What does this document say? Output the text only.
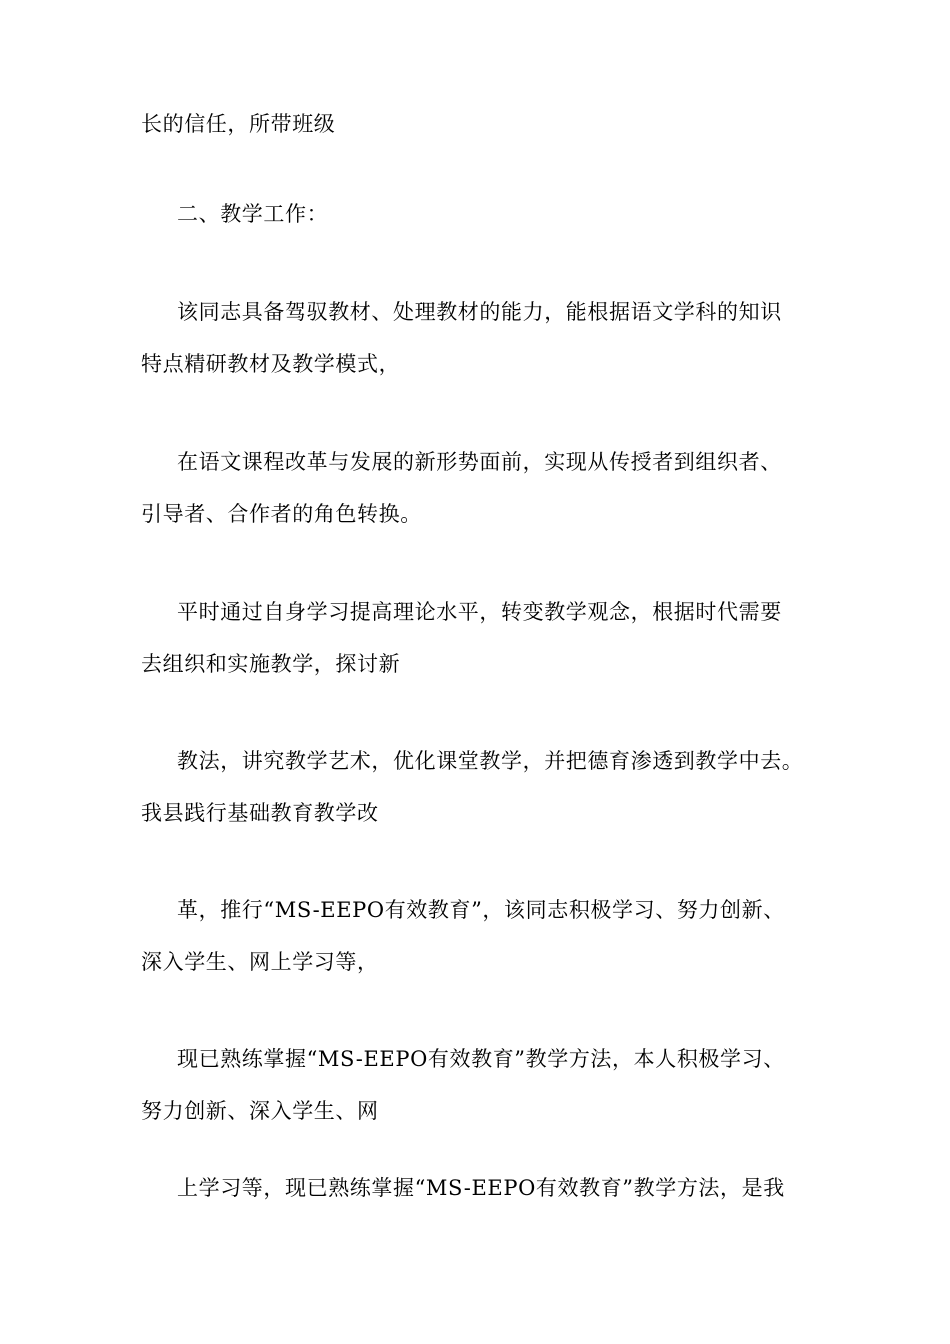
长的信任，所带班级
二、教学工作：
该同志具备驾驭教材、处理教材的能力，能根据语文学科的知识
特点精研教材及教学模式，
在语文课程改革与发展的新形势面前，实现从传授者到组织者、
引导者、合作者的角色转换。
平时通过自身学习提高理论水平，转变教学观念，根据时代需要
去组织和实施教学，探讨新
教法，讲究教学艺术，优化课堂教学，并把德育渗透到教学中去。
我县践行基础教育教学改
革，推行“MS-EEPO有效教育”，该同志积极学习、努力创新、
深入学生、网上学习等，
现已熟练掌握“MS-EEPO有效教育”教学方法，本人积极学习、
努力创新、深入学生、网
上学习等，现已熟练掌握“MS-EEPO有效教育”教学方法，是我
